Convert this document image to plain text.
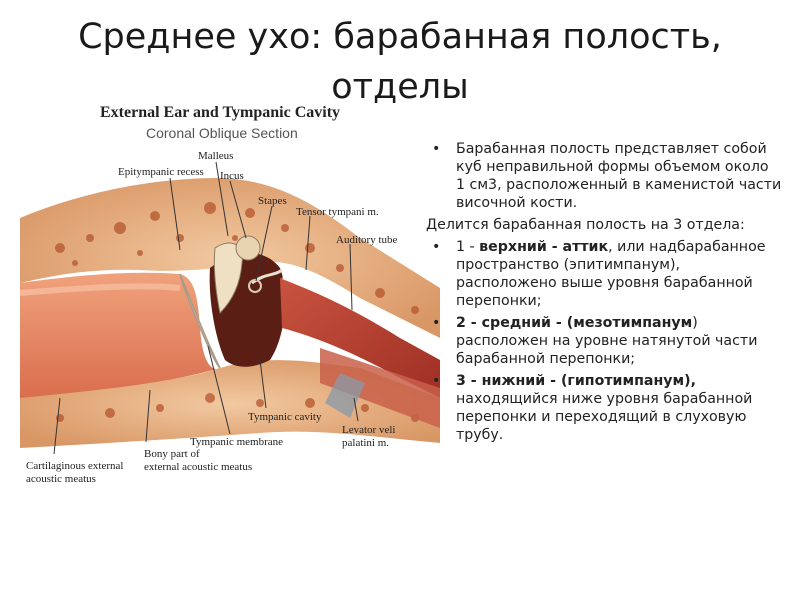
Среднее ухо: барабанная полость,
отделы
External Ear and Tympanic Cavity
Coronal Oblique Section
Epitympanic recess
Malleus
Incus
Stapes
Tensor tympani m.
Auditory tube
Tympanic cavity
Tympanic membrane
Bony part of
external acoustic meatus
Cartilaginous external
acoustic meatus
Levator veli
palatini m.
• Барабанная полость представляет собой куб неправильной формы объемом около 1 см3, расположенный в каменистой части височной кости.
Делится барабанная полость на 3 отдела:
• 1 - верхний - аттик, или надбарабанное пространство (эпитимпанум), расположено выше уровня барабанной перепонки;
• 2 - средний - (мезотимпанум) расположен на уровне натянутой части барабанной перепонки;
• 3 - нижний - (гипотимпанум), находящийся ниже уровня барабанной перепонки и переходящий в слуховую трубу.
